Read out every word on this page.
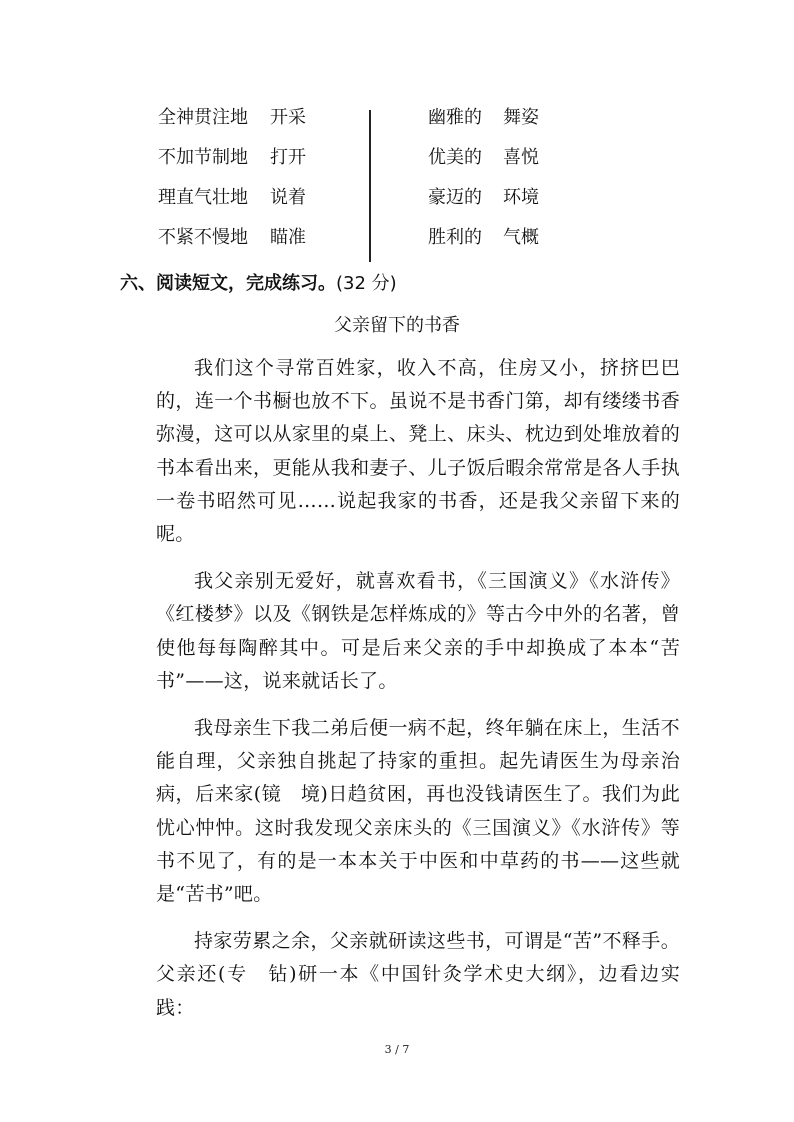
全神贯注地	开采
不加节制地	打开
理直气壮地	说着
不紧不慢地	瞄准
幽雅的	舞姿
优美的	喜悦
豪迈的	环境
胜利的	气概
六、阅读短文，完成练习。(32 分)
父亲留下的书香

我们这个寻常百姓家，收入不高，住房又小，挤挤巴巴的，连一个书橱也放不下。虽说不是书香门第，却有缕缕书香弥漫，这可以从家里的桌上、凳上、床头、枕边到处堆放着的书本看出来，更能从我和妻子、儿子饭后暇余常常是各人手执一卷书昭然可见……说起我家的书香，还是我父亲留下来的呢。

我父亲别无爱好，就喜欢看书，《三国演义》《水浒传》《红楼梦》以及《钢铁是怎样炼成的》等古今中外的名著，曾使他每每陶醉其中。可是后来父亲的手中却换成了本本“苦书”——这，说来就话长了。

我母亲生下我二弟后便一病不起，终年躺在床上，生活不能自理，父亲独自挑起了持家的重担。起先请医生为母亲治病，后来家(镜　境)日趋贫困，再也没钱请医生了。我们为此忧心忡忡。这时我发现父亲床头的《三国演义》《水浒传》等书不见了，有的是一本本关于中医和中草药的书——这些就是“苦书”吧。

持家劳累之余，父亲就研读这些书，可谓是“苦”不释手。父亲还(专　钻)研一本《中国针灸学术史大纲》，边看边实践：

3 / 7
